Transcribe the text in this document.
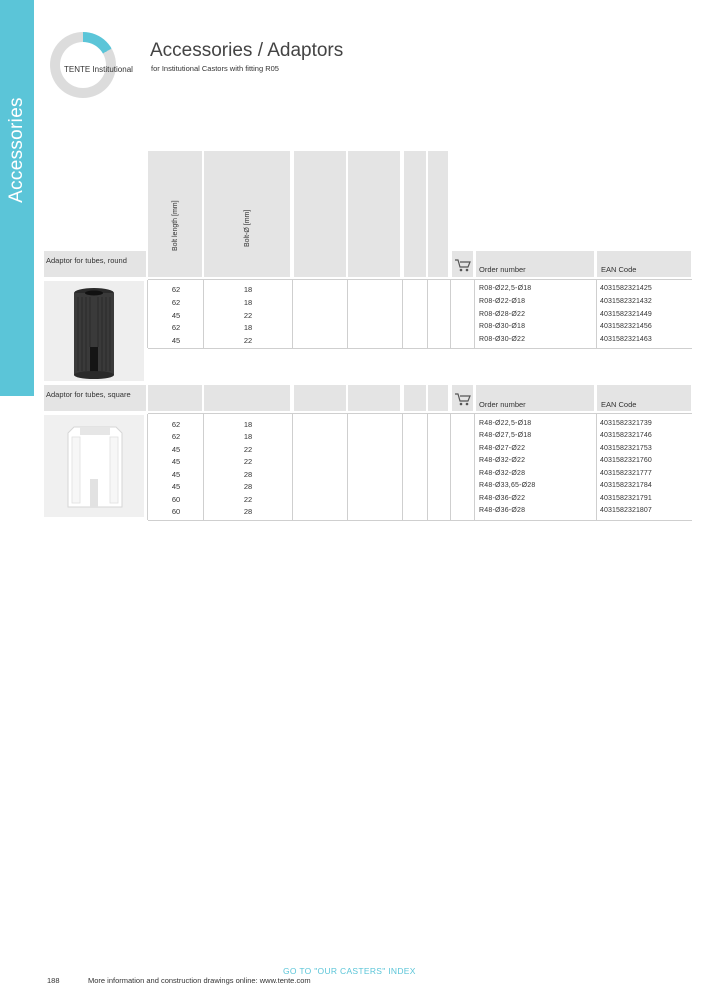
Accessories
TENTE Institutional
Accessories / Adaptors
for Institutional Castors with fitting R05
Bolt length [mm]	Bolt-Ø [mm]
Adaptor for tubes, round
Order number	EAN Code
62	18	R08-Ø22,5-Ø18	4031582321425
62	18	R08-Ø22-Ø18	4031582321432
45	22	R08-Ø28-Ø22	4031582321449
62	18	R08-Ø30-Ø18	4031582321456
45	22	R08-Ø30-Ø22	4031582321463
Adaptor for tubes, square
Order number	EAN Code
62	18	R48-Ø22,5-Ø18	4031582321739
62	18	R48-Ø27,5-Ø18	4031582321746
45	22	R48-Ø27-Ø22	4031582321753
45	22	R48-Ø32-Ø22	4031582321760
45	28	R48-Ø32-Ø28	4031582321777
45	28	R48-Ø33,65-Ø28	4031582321784
60	22	R48-Ø36-Ø22	4031582321791
60	28	R48-Ø36-Ø28	4031582321807
GO TO "OUR CASTERS" INDEX
188	More information and construction drawings online: www.tente.com
